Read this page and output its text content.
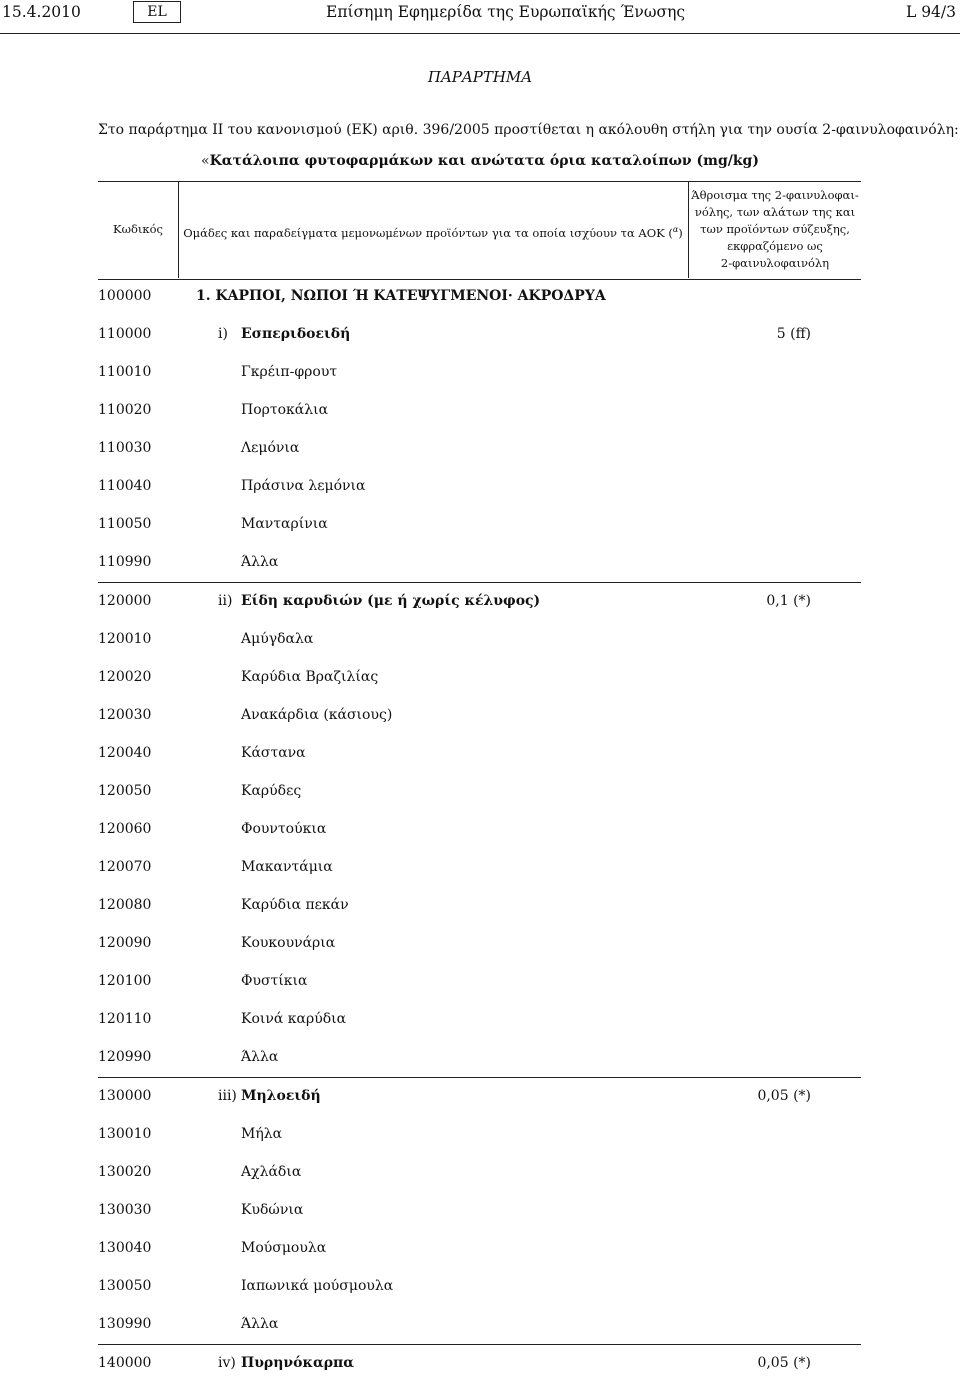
15.4.2010	EL	Επίσημη Εφημερίδα της Ευρωπαϊκής Ένωσης	L 94/3
ΠΑΡΑΡΤΗΜΑ
Στο παράρτημα II του κανονισμού (ΕΚ) αριθ. 396/2005 προστίθεται η ακόλουθη στήλη για την ουσία 2-φαινυλοφαινόλη:
«Κατάλοιπα φυτοφαρμάκων και ανώτατα όρια καταλοίπων (mg/kg)
Κωδικός	Ομάδες και παραδείγματα μεμονωμένων προϊόντων για τα οποία ισχύουν τα ΑΟΚ ($^\alpha$)
Άθροισμα της 2-φαινυλοφαι-
νόλης, των αλάτων της και
των προϊόντων σύζευξης,
εκφραζόμενο ως
2-φαινυλοφαινόλη
100000	1. ΚΑΡΠΟΙ, ΝΩΠΟΙ Ή ΚΑΤΕΨΥΓΜΕΝΟΙ· ΑΚΡΟΔΡΥΑ
110000	i) Εσπεριδοειδή	5 (ff)
110010	Γκρέιπ-φρουτ
110020	Πορτοκάλια
110030	Λεμόνια
110040	Πράσινα λεμόνια
110050	Μανταρίνια
110990	Άλλα
120000	ii) Είδη καρυδιών (με ή χωρίς κέλυφος)	0,1 (*)
120010	Αμύγδαλα
120020	Καρύδια Βραζιλίας
120030	Ανακάρδια (κάσιους)
120040	Κάστανα
120050	Καρύδες
120060	Φουντούκια
120070	Μακαντάμια
120080	Καρύδια πεκάν
120090	Κουκουνάρια
120100	Φυστίκια
120110	Κοινά καρύδια
120990	Άλλα
130000	iii) Μηλοειδή	0,05 (*)
130010	Μήλα
130020	Αχλάδια
130030	Κυδώνια
130040	Μούσμουλα
130050	Ιαπωνικά μούσμουλα
130990	Άλλα
140000	iv) Πυρηνόκαρπα	0,05 (*)
